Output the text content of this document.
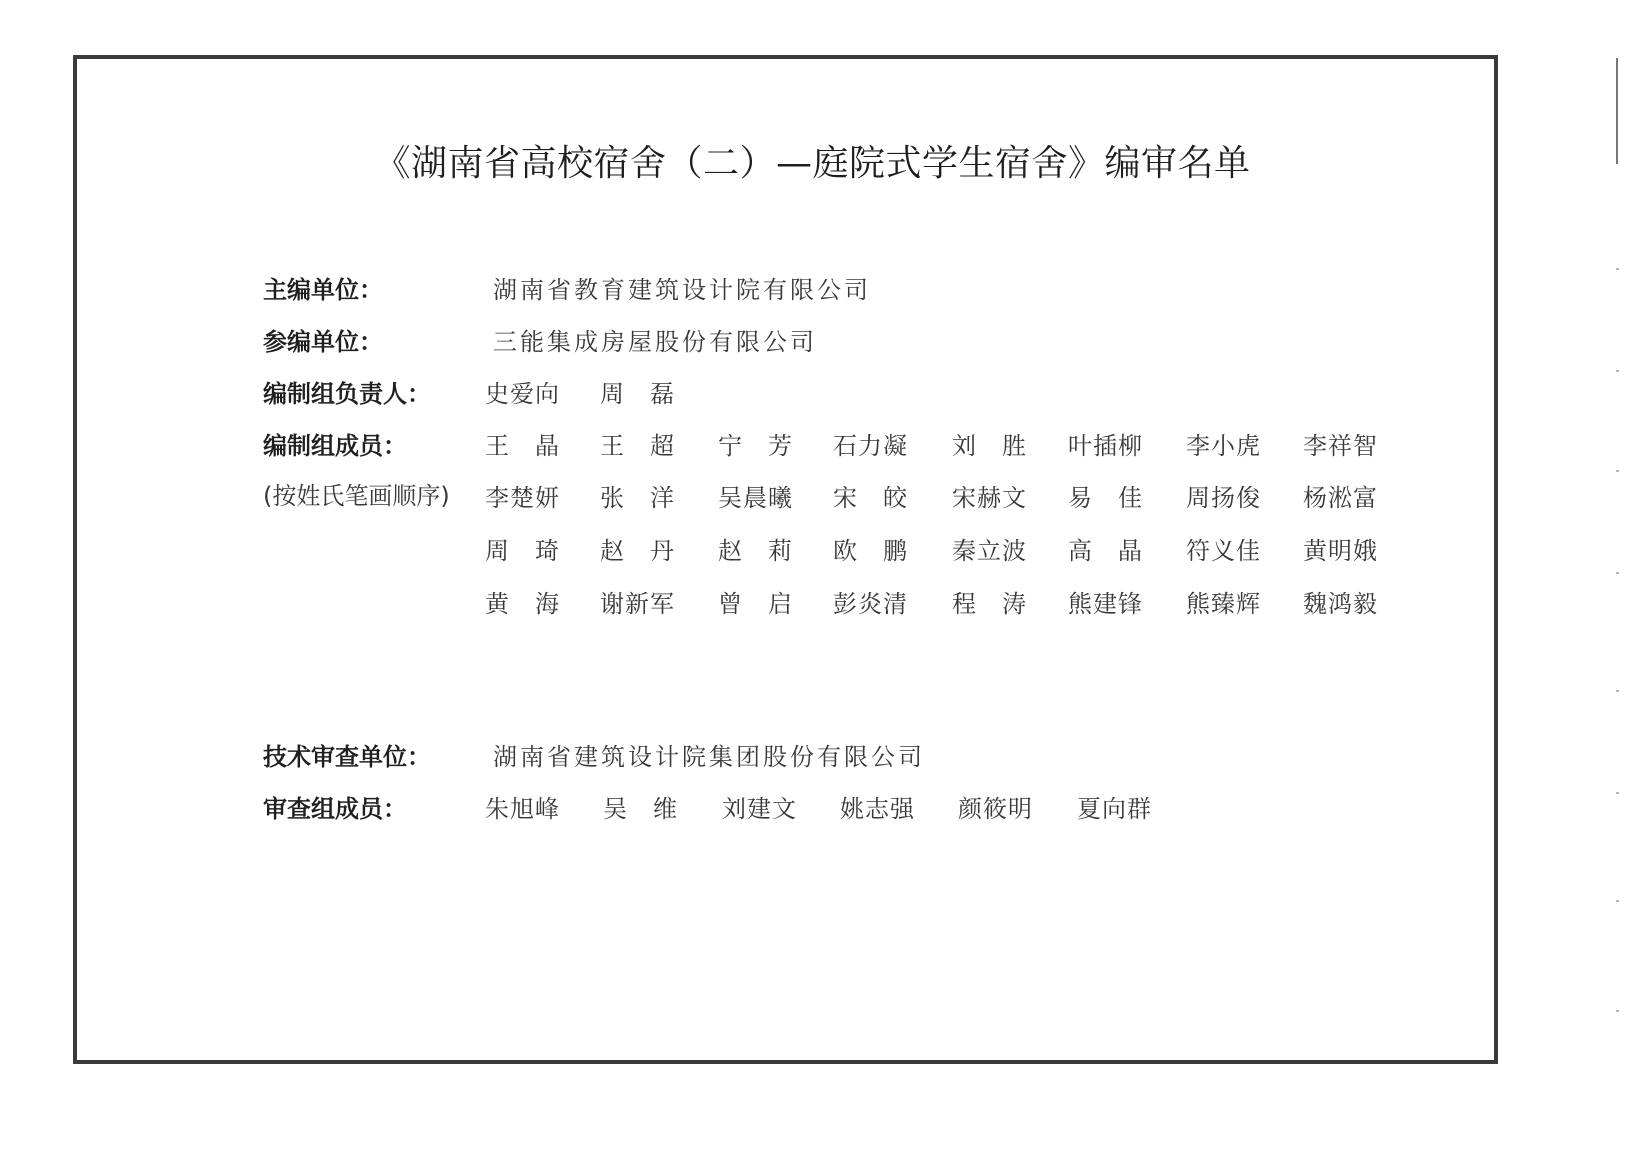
《湖南省高校宿舍（二）—庭院式学生宿舍》编审名单
主编单位：	湖南省教育建筑设计院有限公司
参编单位：	三能集成房屋股份有限公司
编制组负责人： 史爱向	周　磊
编制组成员：
(按姓氏笔画顺序)
王　晶	王　超	宁　芳	石力凝	刘　胜	叶插柳	李小虎	李祥智
李楚妍	张　洋	吴晨曦	宋　皎	宋赫文	易　佳	周扬俊	杨淞富
周　琦	赵　丹	赵　莉	欧　鹏	秦立波	高　晶	符义佳	黄明娥
黄　海	谢新军	曾　启	彭炎清	程　涛	熊建锋	熊臻辉	魏鸿毅
技术审查单位：	湖南省建筑设计院集团股份有限公司
审查组成员：	朱旭峰	吴　维	刘建文	姚志强	颜筱明	夏向群
